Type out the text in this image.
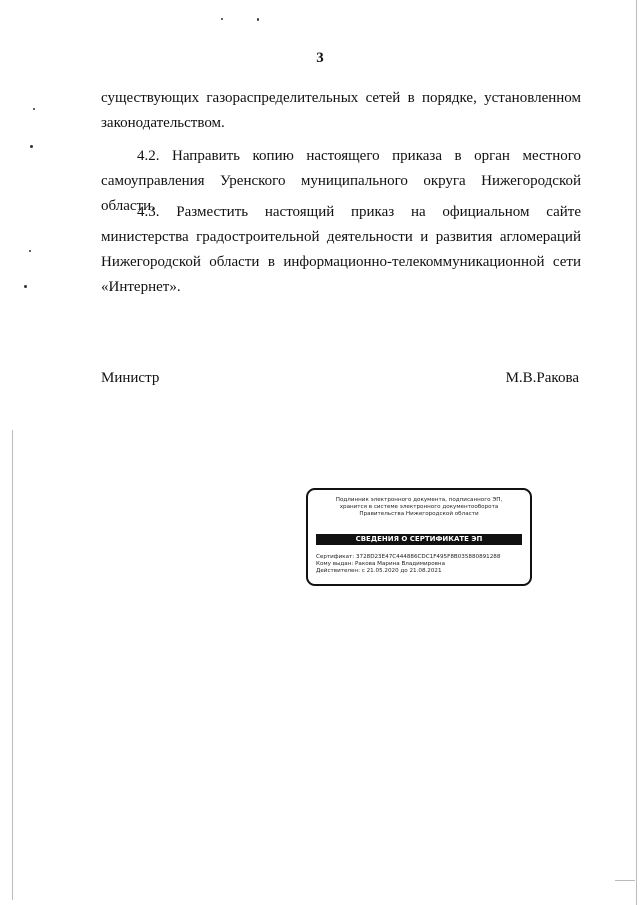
3

существующих газораспределительных сетей в порядке, установленном законодательством.

4.2. Направить копию настоящего приказа в орган местного самоуправления Уренского муниципального округа Нижегородской области.

4.3. Разместить настоящий приказ на официальном сайте министерства градостроительной деятельности и развития агломераций Нижегородской области в информационно-телекоммуникационной сети «Интернет».

Министр	М.В.Ракова
Подлинник электронного документа, подписанного ЭП,
хранится в системе электронного документооборота
Правительства Нижегородской области
СВЕДЕНИЯ О СЕРТИФИКАТЕ ЭП
Сертификат: 3728D23E47C444886CDC1F495F8B035880891288
Кому выдан: Ракова Марина Владимировна
Действителен: с 21.05.2020 до 21.08.2021
